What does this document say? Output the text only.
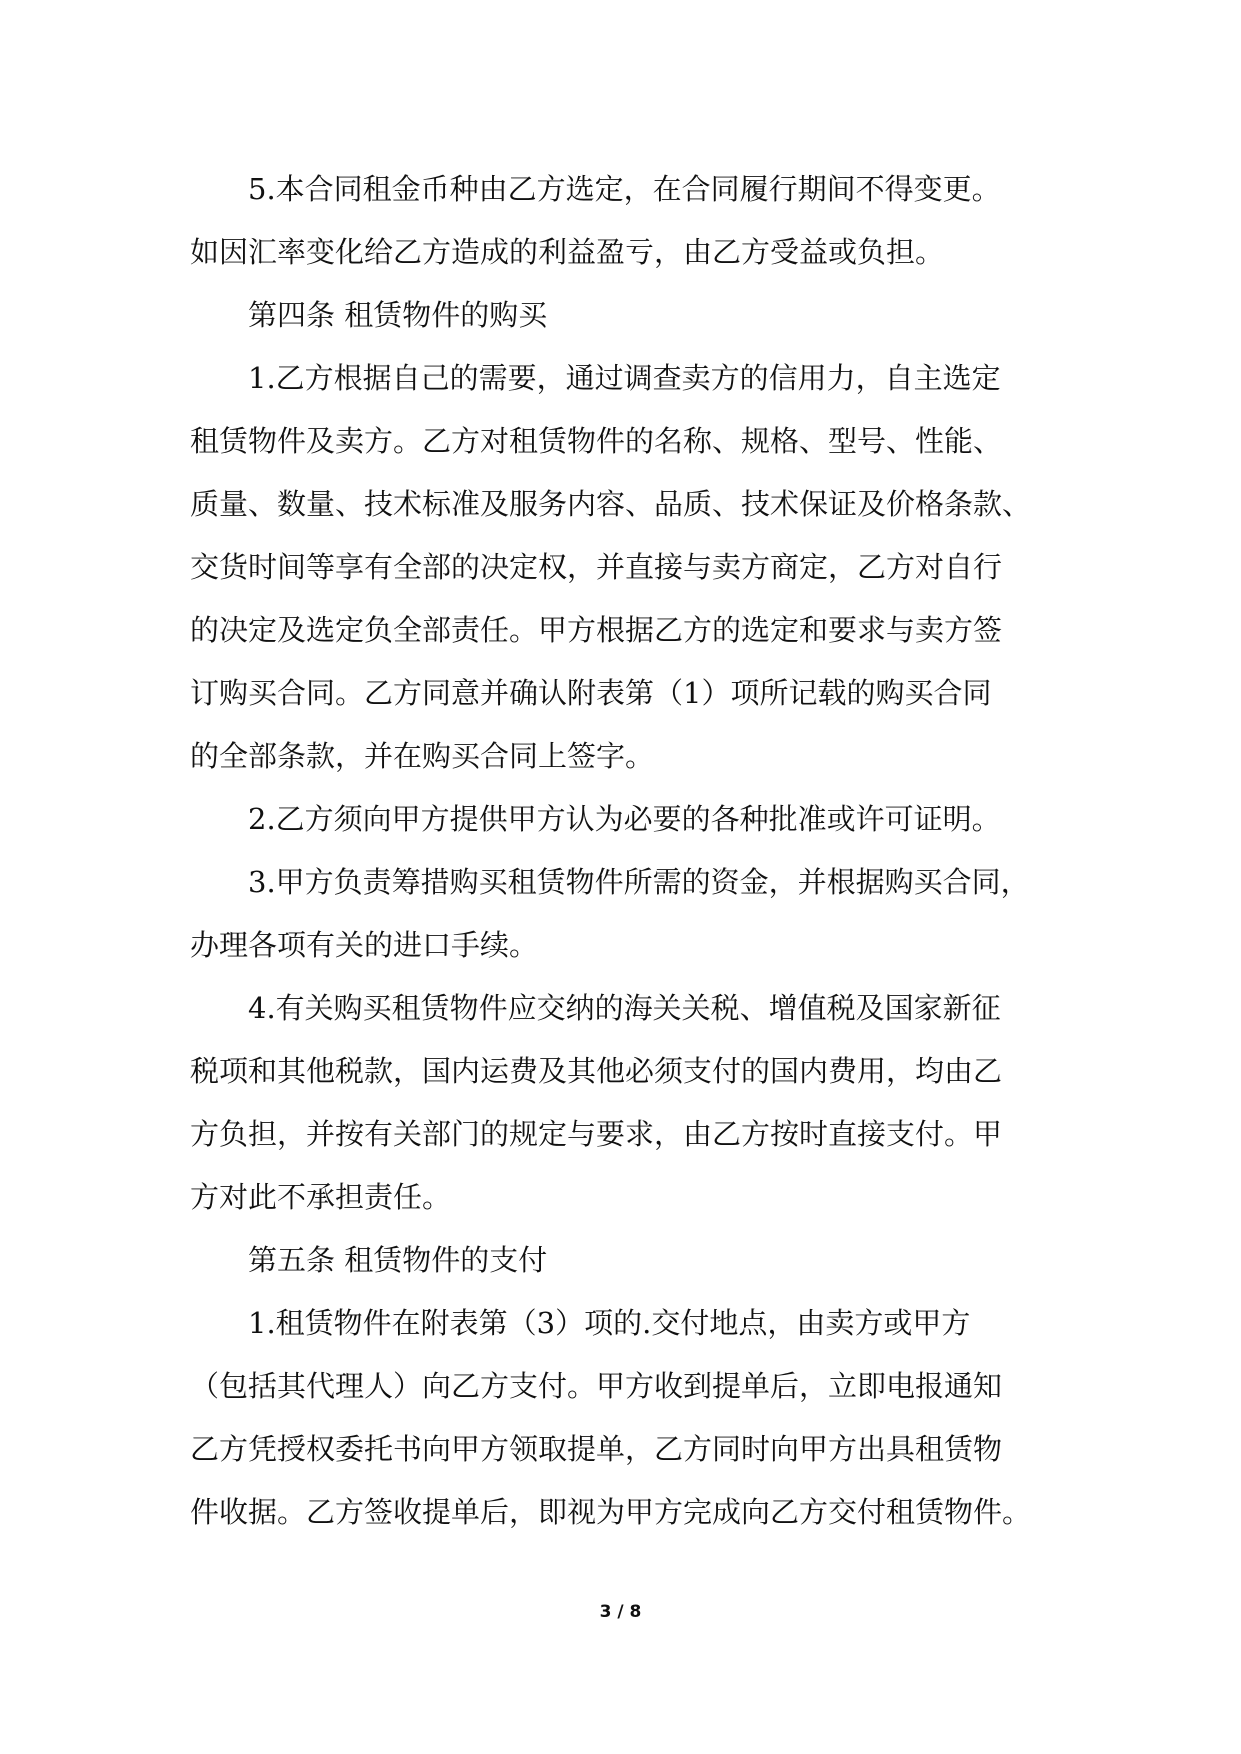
5.本合同租金币种由乙方选定，在合同履行期间不得变更。
如因汇率变化给乙方造成的利益盈亏，由乙方受益或负担。
第四条 租赁物件的购买
1.乙方根据自己的需要，通过调查卖方的信用力，自主选定
租赁物件及卖方。乙方对租赁物件的名称、规格、型号、性能、
质量、数量、技术标准及服务内容、品质、技术保证及价格条款、
交货时间等享有全部的决定权，并直接与卖方商定，乙方对自行
的决定及选定负全部责任。甲方根据乙方的选定和要求与卖方签
订购买合同。乙方同意并确认附表第（1）项所记载的购买合同
的全部条款，并在购买合同上签字。
2.乙方须向甲方提供甲方认为必要的各种批准或许可证明。
3.甲方负责筹措购买租赁物件所需的资金，并根据购买合同，
办理各项有关的进口手续。
4.有关购买租赁物件应交纳的海关关税、增值税及国家新征
税项和其他税款，国内运费及其他必须支付的国内费用，均由乙
方负担，并按有关部门的规定与要求，由乙方按时直接支付。甲
方对此不承担责任。
第五条 租赁物件的支付
1.租赁物件在附表第（3）项的.交付地点，由卖方或甲方
（包括其代理人）向乙方支付。甲方收到提单后，立即电报通知
乙方凭授权委托书向甲方领取提单，乙方同时向甲方出具租赁物
件收据。乙方签收提单后，即视为甲方完成向乙方交付租赁物件。
3 / 8
